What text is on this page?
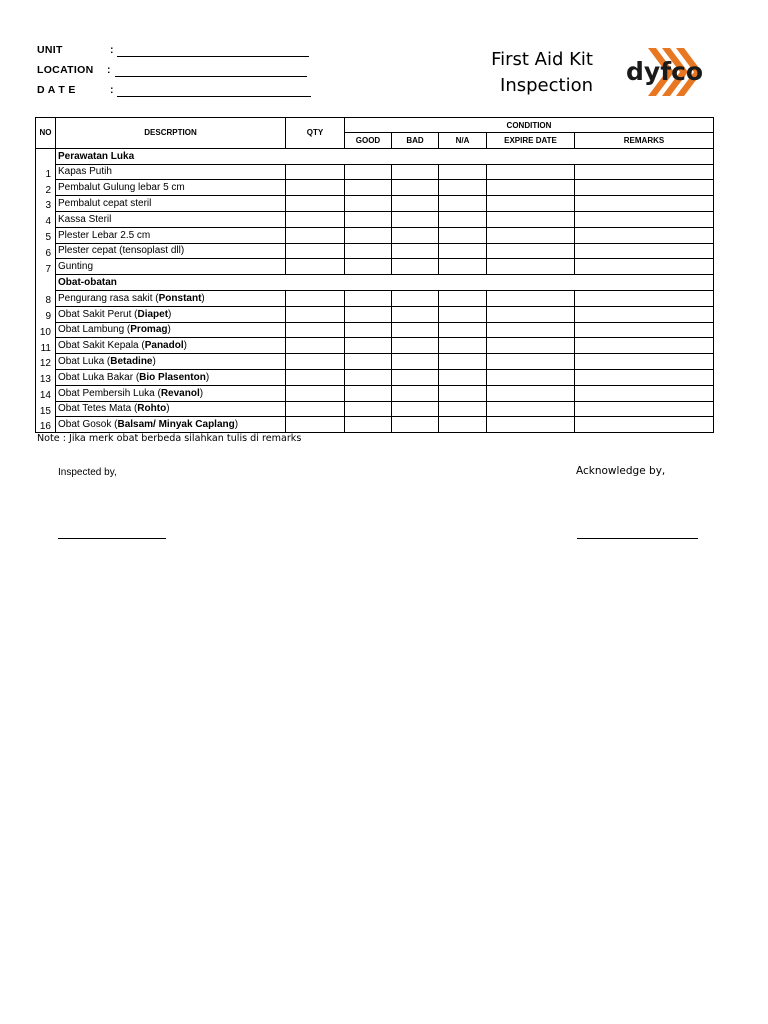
UNIT	:
LOCATION :
D A T E	:
First Aid Kit
Inspection dyfco
NO	DESCRPTION	QTY	CONDITION				
			GOOD	BAD	N/A	EXPIRE DATE	REMARKS
	Perawatan Luka						
1	Kapas Putih						
2	Pembalut Gulung lebar 5 cm						
3	Pembalut cepat steril						
4	Kassa Steril						
5	Plester Lebar 2.5 cm						
6	Plester cepat (tensoplast dll)						
7	Gunting						
	Obat-obatan						
8	Pengurang rasa sakit (Ponstant)						
9	Obat Sakit Perut (Diapet)						
10	Obat Lambung (Promag)						
11	Obat Sakit Kepala (Panadol)						
12	Obat Luka (Betadine)						
13	Obat Luka Bakar (Bio Plasenton)						
14	Obat Pembersih Luka (Revanol)						
15	Obat Tetes Mata (Rohto)						
16	Obat Gosok (Balsam/ Minyak Caplang)						
Note : Jika merk obat berbeda silahkan tulis di remarks
Inspected by,	Acknowledge by,
